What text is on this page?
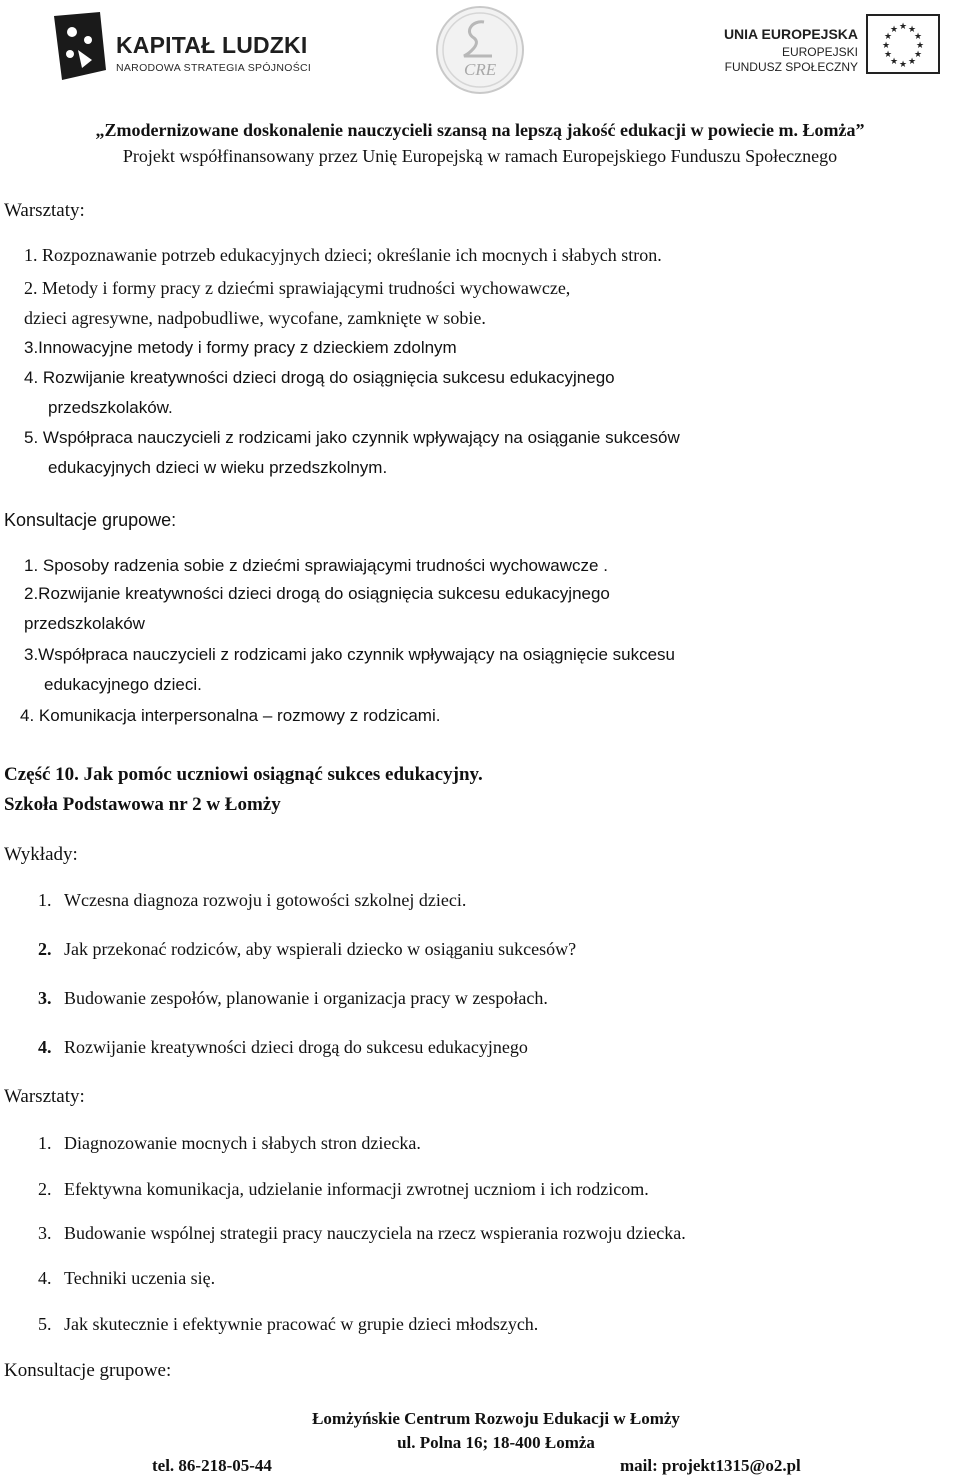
KAPITAŁ LUDZKI
NARODOWA STRATEGIA SPÓJNOŚCI	CRE
UNIA EUROPEJSKA
EUROPEJSKI
FUNDUSZ SPOŁECZNY
★ ★
★
★
★
★
★
★
★
★
★
★
„Zmodernizowane doskonalenie nauczycieli szansą na lepszą jakość edukacji w powiecie m. Łomża”
Projekt współfinansowany przez Unię Europejską w ramach Europejskiego Funduszu Społecznego
Warsztaty:
1. Rozpoznawanie potrzeb edukacyjnych dzieci; określanie ich mocnych i słabych stron.
2. Metody i formy pracy z dziećmi sprawiającymi trudności wychowawcze,
dzieci agresywne, nadpobudliwe, wycofane, zamknięte w sobie.
3.Innowacyjne metody i formy pracy z dzieckiem zdolnym
4. Rozwijanie kreatywności dzieci drogą do osiągnięcia sukcesu edukacyjnego
przedszkolaków.
5. Współpraca nauczycieli z rodzicami jako czynnik wpływający na osiąganie sukcesów
edukacyjnych dzieci w wieku przedszkolnym.
Konsultacje grupowe:
1. Sposoby radzenia sobie z dziećmi sprawiającymi trudności wychowawcze .
2.Rozwijanie kreatywności dzieci drogą do osiągnięcia sukcesu edukacyjnego
przedszkolaków
3.Współpraca nauczycieli z rodzicami jako czynnik wpływający na osiągnięcie sukcesu
edukacyjnego dzieci.
4. Komunikacja interpersonalna – rozmowy z rodzicami.
Część 10. Jak pomóc uczniowi osiągnąć sukces edukacyjny.
Szkoła Podstawowa nr 2 w Łomży
Wykłady:
1. Wczesna diagnoza rozwoju i gotowości szkolnej dzieci.
2. Jak przekonać rodziców, aby wspierali dziecko w osiąganiu sukcesów?
3. Budowanie zespołów, planowanie i organizacja pracy w zespołach.
4. Rozwijanie kreatywności dzieci drogą do sukcesu edukacyjnego
Warsztaty:
1. Diagnozowanie mocnych i słabych stron dziecka.
2. Efektywna komunikacja, udzielanie informacji zwrotnej uczniom i ich rodzicom.
3. Budowanie wspólnej strategii pracy nauczyciela na rzecz wspierania rozwoju dziecka.
4. Techniki uczenia się.
5. Jak skutecznie i efektywnie pracować w grupie dzieci młodszych.
Konsultacje grupowe:
Łomżyńskie Centrum Rozwoju Edukacji w Łomży
ul. Polna 16; 18-400 Łomża
tel. 86-218-05-44	mail: projekt1315@o2.pl
